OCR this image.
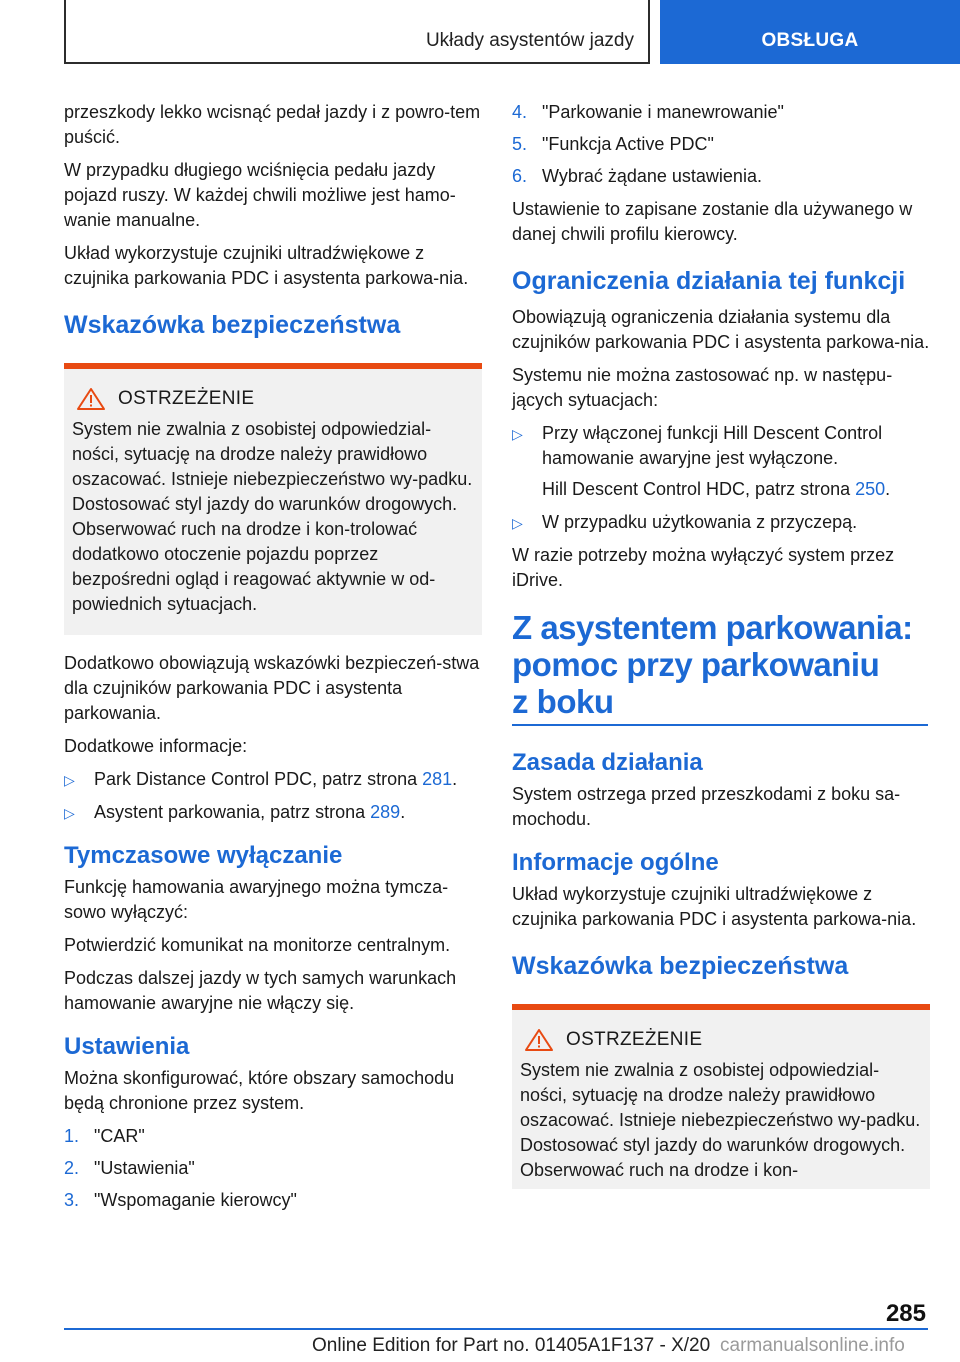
Układy asystentów jazdy	OBSŁUGA

przeszkody lekko wcisnąć pedał jazdy i z powro-tem puścić.

W przypadku długiego wciśnięcia pedału jazdy pojazd ruszy. W każdej chwili możliwe jest hamo-wanie manualne.

Układ wykorzystuje czujniki ultradźwiękowe z czujnika parkowania PDC i asystenta parkowa-nia.

Wskazówka bezpieczeństwa
OSTRZEŻENIE

System nie zwalnia z osobistej odpowiedzial-ności, sytuację na drodze należy prawidłowo oszacować. Istnieje niebezpieczeństwo wy-padku. Dostosować styl jazdy do warunków drogowych. Obserwować ruch na drodze i kon-trolować dodatkowo otoczenie pojazdu poprzez bezpośredni ogląd i reagować aktywnie w od-powiednich sytuacjach.

Dodatkowo obowiązują wskazówki bezpieczeń-stwa dla czujników parkowania PDC i asystenta parkowania.

Dodatkowe informacje:

▷ Park Distance Control PDC, patrz strona 281.
▷ Asystent parkowania, patrz strona 289.
Tymczasowe wyłączanie

Funkcję hamowania awaryjnego można tymcza-sowo wyłączyć:

Potwierdzić komunikat na monitorze centralnym.

Podczas dalszej jazdy w tych samych warunkach hamowanie awaryjne nie włączy się.

Ustawienia

Można skonfigurować, które obszary samochodu będą chronione przez system.

1. "CAR"
2. "Ustawienia"
3. "Wspomaganie kierowcy"
4. "Parkowanie i manewrowanie"
5. "Funkcja Active PDC"
6. Wybrać żądane ustawienia.

Ustawienie to zapisane zostanie dla używanego w danej chwili profilu kierowcy.

Ograniczenia działania tej funkcji

Obowiązują ograniczenia działania systemu dla czujników parkowania PDC i asystenta parkowa-nia.

Systemu nie można zastosować np. w następu-jących sytuacjach:

▷ Przy włączonej funkcji Hill Descent Control hamowanie awaryjne jest wyłączone.
Hill Descent Control HDC, patrz strona 250.
▷ W przypadku użytkowania z przyczepą.

W razie potrzeby można wyłączyć system przez iDrive.

Z asystentem parkowania:
pomoc przy parkowaniu
z boku
Zasada działania

System ostrzega przed przeszkodami z boku sa-mochodu.

Informacje ogólne

Układ wykorzystuje czujniki ultradźwiękowe z czujnika parkowania PDC i asystenta parkowa-nia.

Wskazówka bezpieczeństwa
OSTRZEŻENIE

System nie zwalnia z osobistej odpowiedzial-ności, sytuację na drodze należy prawidłowo oszacować. Istnieje niebezpieczeństwo wy-padku. Dostosować styl jazdy do warunków drogowych. Obserwować ruch na drodze i kon-

285
Online Edition for Part no. 01405A1F137 - X/20 carmanualsonline.info
